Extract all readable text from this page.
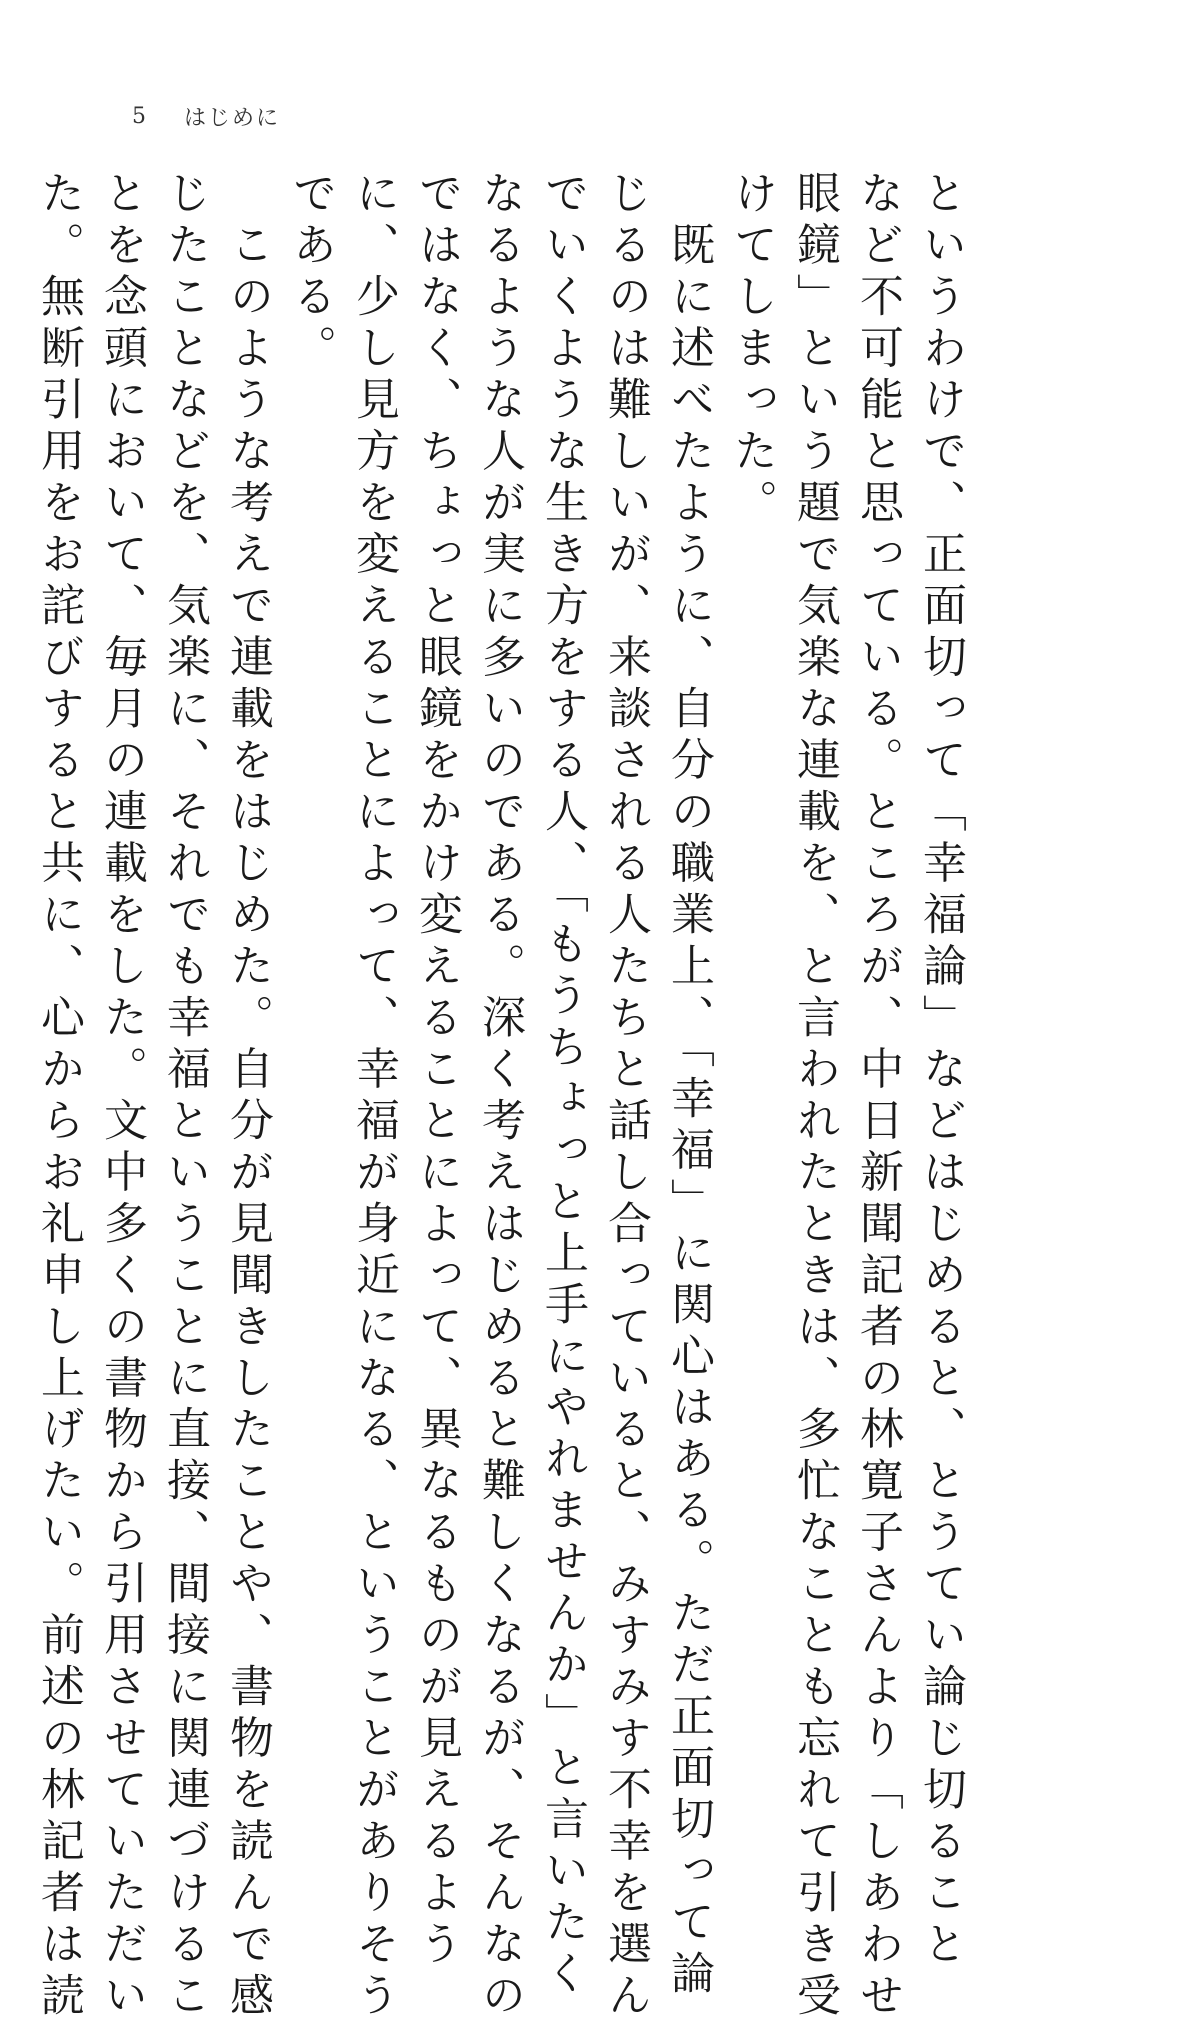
5 はじめに

というわけで、正面切って「幸福論」などはじめると、とうてい論じ切ること
など不可能と思っている。ところが、中日新聞記者の林寛子さんより「しあわせ
眼鏡」という題で気楽な連載を、と言われたときは、多忙なことも忘れて引き受
けてしまった。

　既に述べたように、自分の職業上、「幸福」に関心はある。ただ正面切って論
じるのは難しいが、来談される人たちと話し合っていると、みすみす不幸を選ん
でいくような生き方をする人、「もうちょっと上手にやれませんか」と言いたく
なるような人が実に多いのである。深く考えはじめると難しくなるが、そんなの
ではなく、ちょっと眼鏡をかけ変えることによって、異なるものが見えるよう
に、少し見方を変えることによって、幸福が身近になる、ということがありそう
である。

　このような考えで連載をはじめた。自分が見聞きしたことや、書物を読んで感
じたことなどを、気楽に、それでも幸福ということに直接、間接に関連づけるこ
とを念頭において、毎月の連載をした。文中多くの書物から引用させていただい
た。無断引用をお詫びすると共に、心からお礼申し上げたい。前述の林記者は読
